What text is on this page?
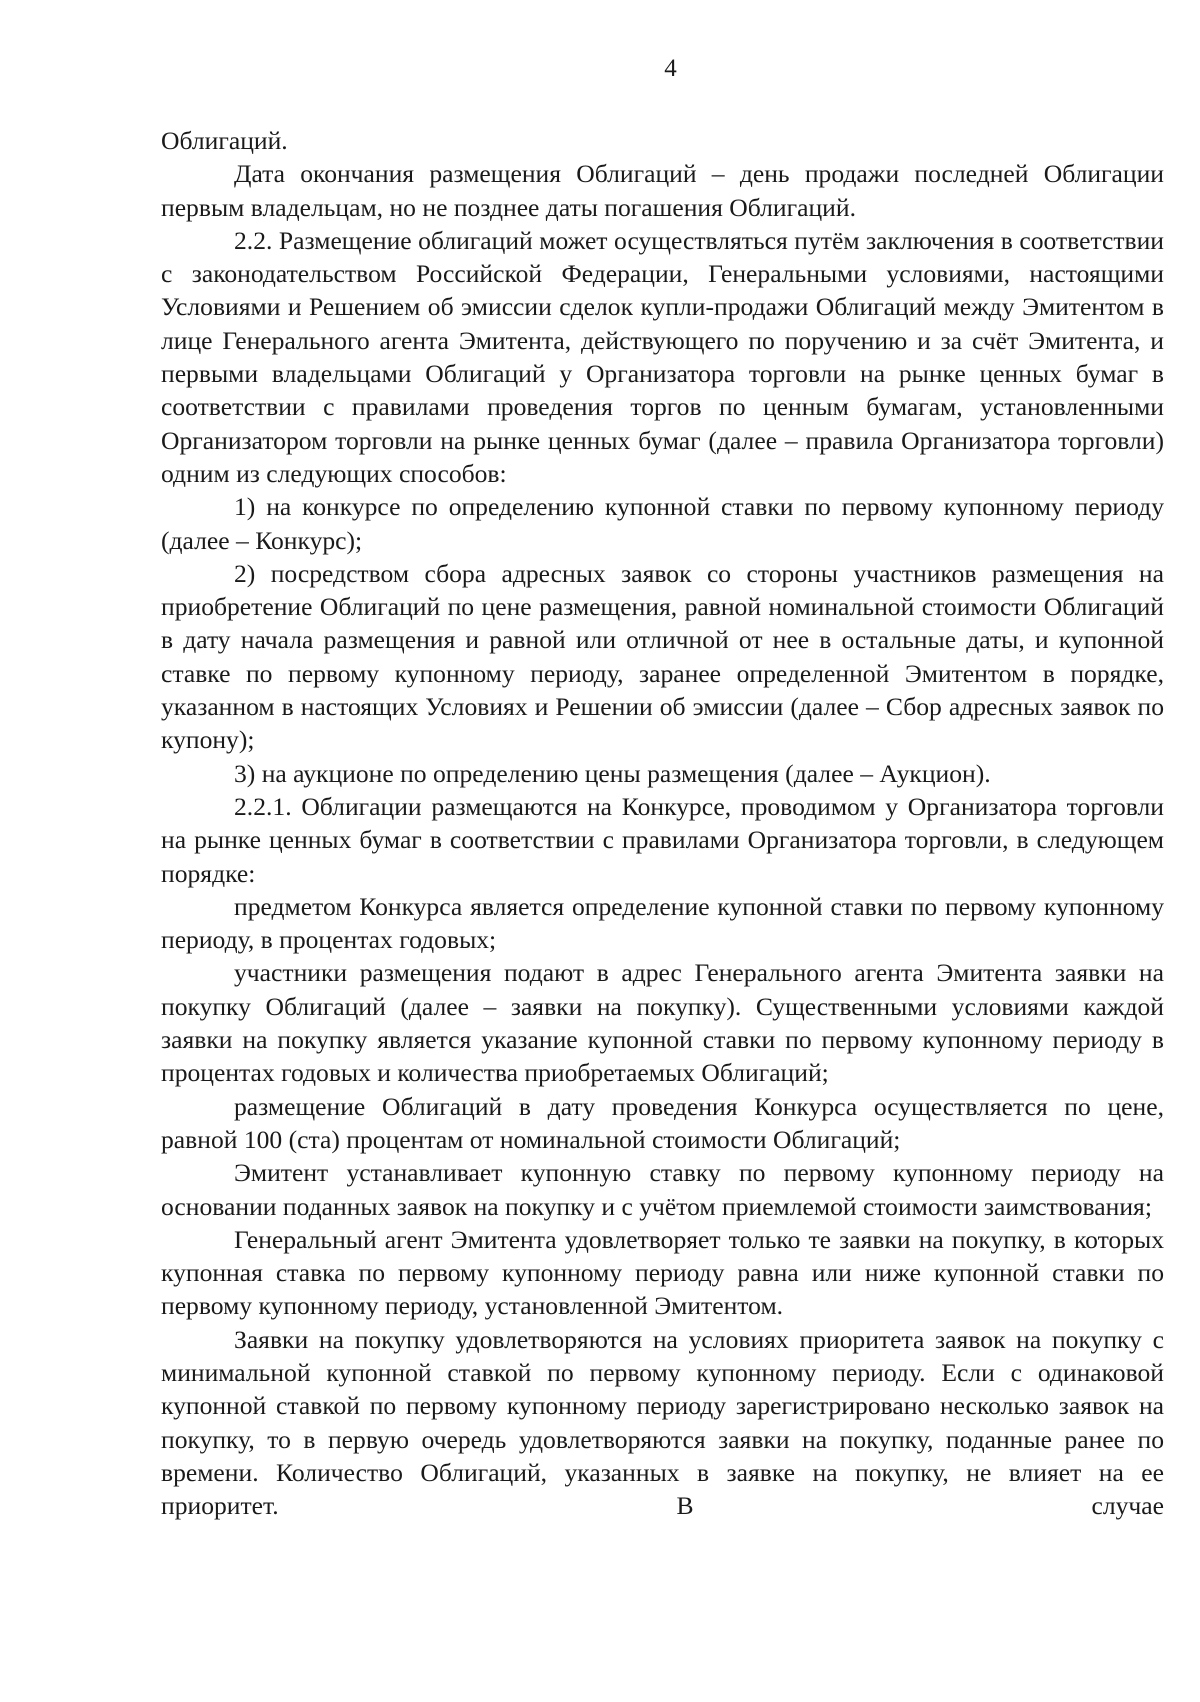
4

Облигаций.

Дата окончания размещения Облигаций – день продажи последней Облигации первым владельцам, но не позднее даты погашения Облигаций.

2.2. Размещение облигаций может осуществляться путём заключения в соответствии с законодательством Российской Федерации, Генеральными условиями, настоящими Условиями и Решением об эмиссии сделок купли-продажи Облигаций между Эмитентом в лице Генерального агента Эмитента, действующего по поручению и за счёт Эмитента, и первыми владельцами Облигаций у Организатора торговли на рынке ценных бумаг в соответствии с правилами проведения торгов по ценным бумагам, установленными Организатором торговли на рынке ценных бумаг (далее – правила Организатора торговли) одним из следующих способов:

1) на конкурсе по определению купонной ставки по первому купонному периоду (далее – Конкурс);

2) посредством сбора адресных заявок со стороны участников размещения на приобретение Облигаций по цене размещения, равной номинальной стоимости Облигаций в дату начала размещения и равной или отличной от нее в остальные даты, и купонной ставке по первому купонному периоду, заранее определенной Эмитентом в порядке, указанном в настоящих Условиях и Решении об эмиссии (далее – Сбор адресных заявок по купону);

3) на аукционе по определению цены размещения (далее – Аукцион).

2.2.1. Облигации размещаются на Конкурсе, проводимом у Организатора торговли на рынке ценных бумаг в соответствии с правилами Организатора торговли, в следующем порядке:

предметом Конкурса является определение купонной ставки по первому купонному периоду, в процентах годовых;

участники размещения подают в адрес Генерального агента Эмитента заявки на покупку Облигаций (далее – заявки на покупку). Существенными условиями каждой заявки на покупку является указание купонной ставки по первому купонному периоду в процентах годовых и количества приобретаемых Облигаций;

размещение Облигаций в дату проведения Конкурса осуществляется по цене, равной 100 (ста) процентам от номинальной стоимости Облигаций;

Эмитент устанавливает купонную ставку по первому купонному периоду на основании поданных заявок на покупку и с учётом приемлемой стоимости заимствования;

Генеральный агент Эмитента удовлетворяет только те заявки на покупку, в которых купонная ставка по первому купонному периоду равна или ниже купонной ставки по первому купонному периоду, установленной Эмитентом.

Заявки на покупку удовлетворяются на условиях приоритета заявок на покупку с минимальной купонной ставкой по первому купонному периоду. Если с одинаковой купонной ставкой по первому купонному периоду зарегистрировано несколько заявок на покупку, то в первую очередь удовлетворяются заявки на покупку, поданные ранее по времени. Количество Облигаций, указанных в заявке на покупку, не влияет на ее приоритет. В случае
